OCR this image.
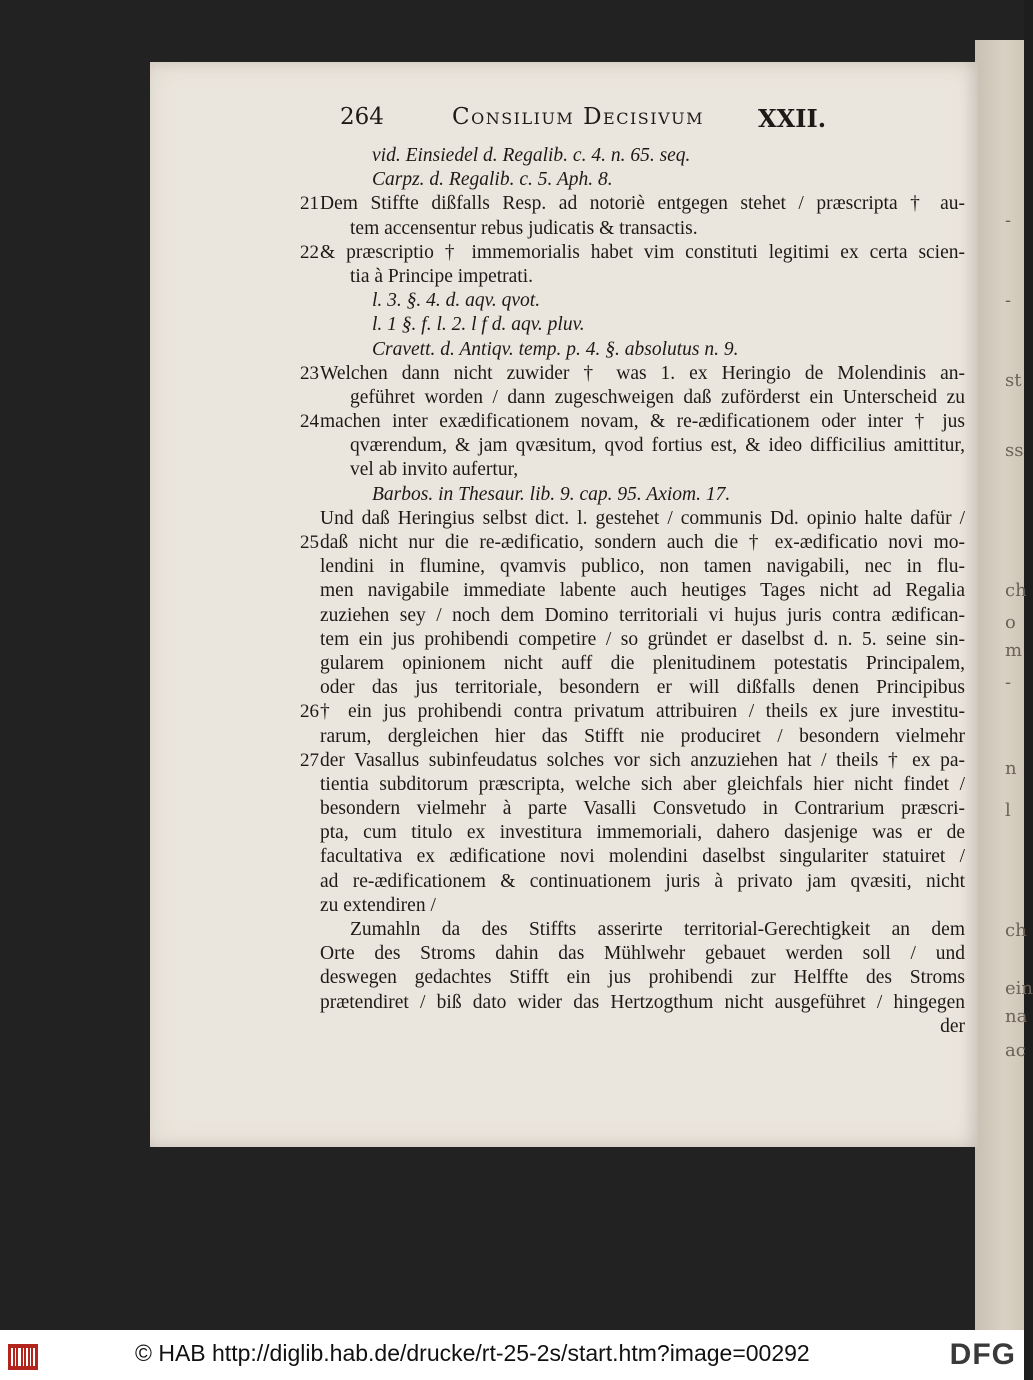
-
-
st
ss
ch
o
m
-
n
l
ch
ein
na
ac
264	Consilium Decisivum XXII.
vid. Einsiedel d. Regalib. c. 4. n. 65. seq.
Carpz. d. Regalib. c. 5. Aph. 8.
21 Dem Stiffte dißfalls Resp. ad notoriè entgegen stehet / præscripta † au-
tem accensentur rebus judicatis & transactis.
22 & præscriptio † immemorialis habet vim constituti legitimi ex certa scien-
tia à Principe impetrati.
l. 3. §. 4. d. aqv. qvot.
l. 1 §. f. l. 2. l f d. aqv. pluv.
Cravett. d. Antiqv. temp. p. 4. §. absolutus n. 9.
23 Welchen dann nicht zuwider † was 1. ex Heringio de Molendinis an-
geführet worden / dann zugeschweigen daß zuförderst ein Unterscheid zu
24 machen inter exædificationem novam, & re-ædificationem oder inter † jus
qværendum, & jam qvæsitum, qvod fortius est, & ideo difficilius amittitur,
vel ab invito aufertur,
Barbos. in Thesaur. lib. 9. cap. 95. Axiom. 17.
Und daß Heringius selbst dict. l. gestehet / communis Dd. opinio halte dafür /
25 daß nicht nur die re-ædificatio, sondern auch die † ex-ædificatio novi mo-
lendini in flumine, qvamvis publico, non tamen navigabili, nec in flu-
men navigabile immediate labente auch heutiges Tages nicht ad Regalia
zuziehen sey / noch dem Domino territoriali vi hujus juris contra ædifican-
tem ein jus prohibendi competire / so gründet er daselbst d. n. 5. seine sin-
gularem opinionem nicht auff die plenitudinem potestatis Principalem,
oder das jus territoriale, besondern er will dißfalls denen Principibus
26 † ein jus prohibendi contra privatum attribuiren / theils ex jure investitu-
rarum, dergleichen hier das Stifft nie produciret / besondern vielmehr
27 der Vasallus subinfeudatus solches vor sich anzuziehen hat / theils † ex pa-
tientia subditorum præscripta, welche sich aber gleichfals hier nicht findet /
besondern vielmehr à parte Vasalli Consvetudo in Contrarium præscri-
pta, cum titulo ex investitura immemoriali, dahero dasjenige was er de
facultativa ex ædificatione novi molendini daselbst singulariter statuiret /
ad re-ædificationem & continuationem juris à privato jam qvæsiti, nicht
zu extendiren /
Zumahln da des Stiffts asserirte territorial-Gerechtigkeit an dem
Orte des Stroms dahin das Mühlwehr gebauet werden soll / und
deswegen gedachtes Stifft ein jus prohibendi zur Helffte des Stroms
prætendiret / biß dato wider das Hertzogthum nicht ausgeführet / hingegen
der
© HAB http://diglib.hab.de/drucke/rt-25-2s/start.htm?image=00292	DFG
